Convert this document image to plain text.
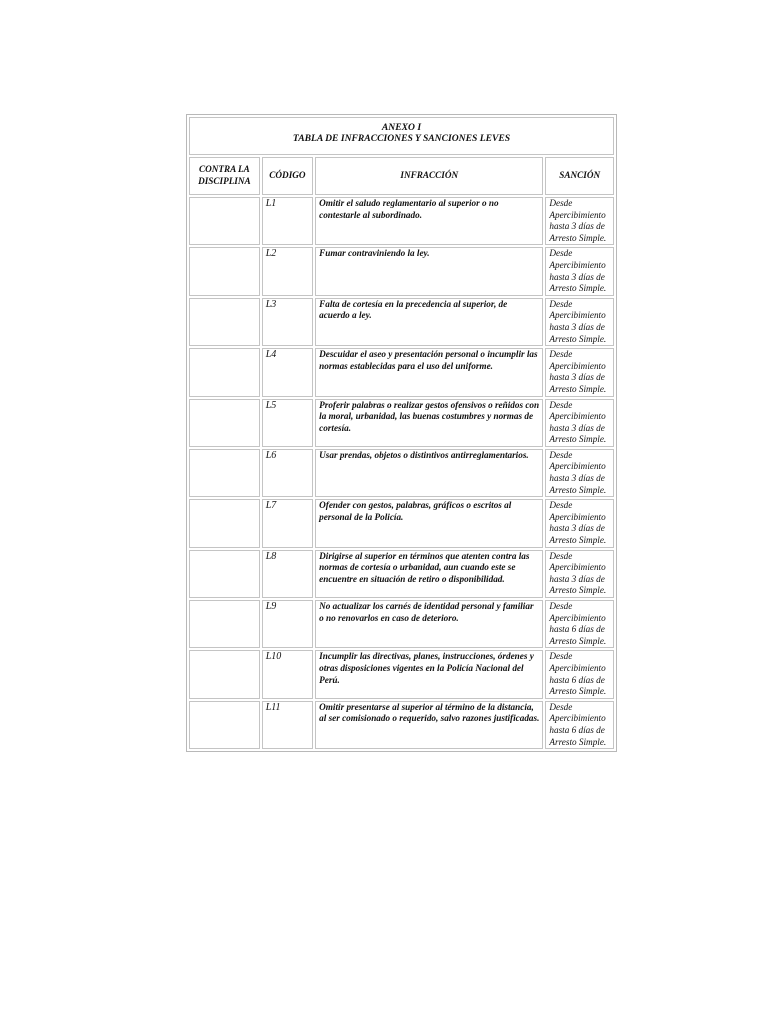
ANEXO I
TABLA DE INFRACCIONES Y SANCIONES LEVES
CONTRA LA DISCIPLINA	CÓDIGO	INFRACCIÓN	SANCIÓN
	L1	Omitir el saludo reglamentario al superior o no contestarle al subordinado.	Desde Apercibimiento hasta 3 días de Arresto Simple.
	L2	Fumar contraviniendo la ley.	Desde Apercibimiento hasta 3 días de Arresto Simple.
	L3	Falta de cortesía en la precedencia al superior, de acuerdo a ley.	Desde Apercibimiento hasta 3 días de Arresto Simple.
	L4	Descuidar el aseo y presentación personal o incumplir las normas establecidas para el uso del uniforme.	Desde Apercibimiento hasta 3 días de Arresto Simple.
	L5	Proferir palabras o realizar gestos ofensivos o reñidos con la moral, urbanidad, las buenas costumbres y normas de cortesía.	Desde Apercibimiento hasta 3 días de Arresto Simple.
	L6	Usar prendas, objetos o distintivos antirreglamentarios.	Desde Apercibimiento hasta 3 días de Arresto Simple.
	L7	Ofender con gestos, palabras, gráficos o escritos al personal de la Policía.	Desde Apercibimiento hasta 3 días de Arresto Simple.
	L8	Dirigirse al superior en términos que atenten contra las normas de cortesía o urbanidad, aun cuando este se encuentre en situación de retiro o disponibilidad.	Desde Apercibimiento hasta 3 días de Arresto Simple.
	L9	No actualizar los carnés de identidad personal y familiar o no renovarlos en caso de deterioro.	Desde Apercibimiento hasta 6 días de Arresto Simple.
	L10	Incumplir las directivas, planes, instrucciones, órdenes y otras disposiciones vigentes en la Policía Nacional del Perú.	Desde Apercibimiento hasta 6 días de Arresto Simple.
	L11	Omitir presentarse al superior al término de la distancia, al ser comisionado o requerido, salvo razones justificadas.	Desde Apercibimiento hasta 6 días de Arresto Simple.
